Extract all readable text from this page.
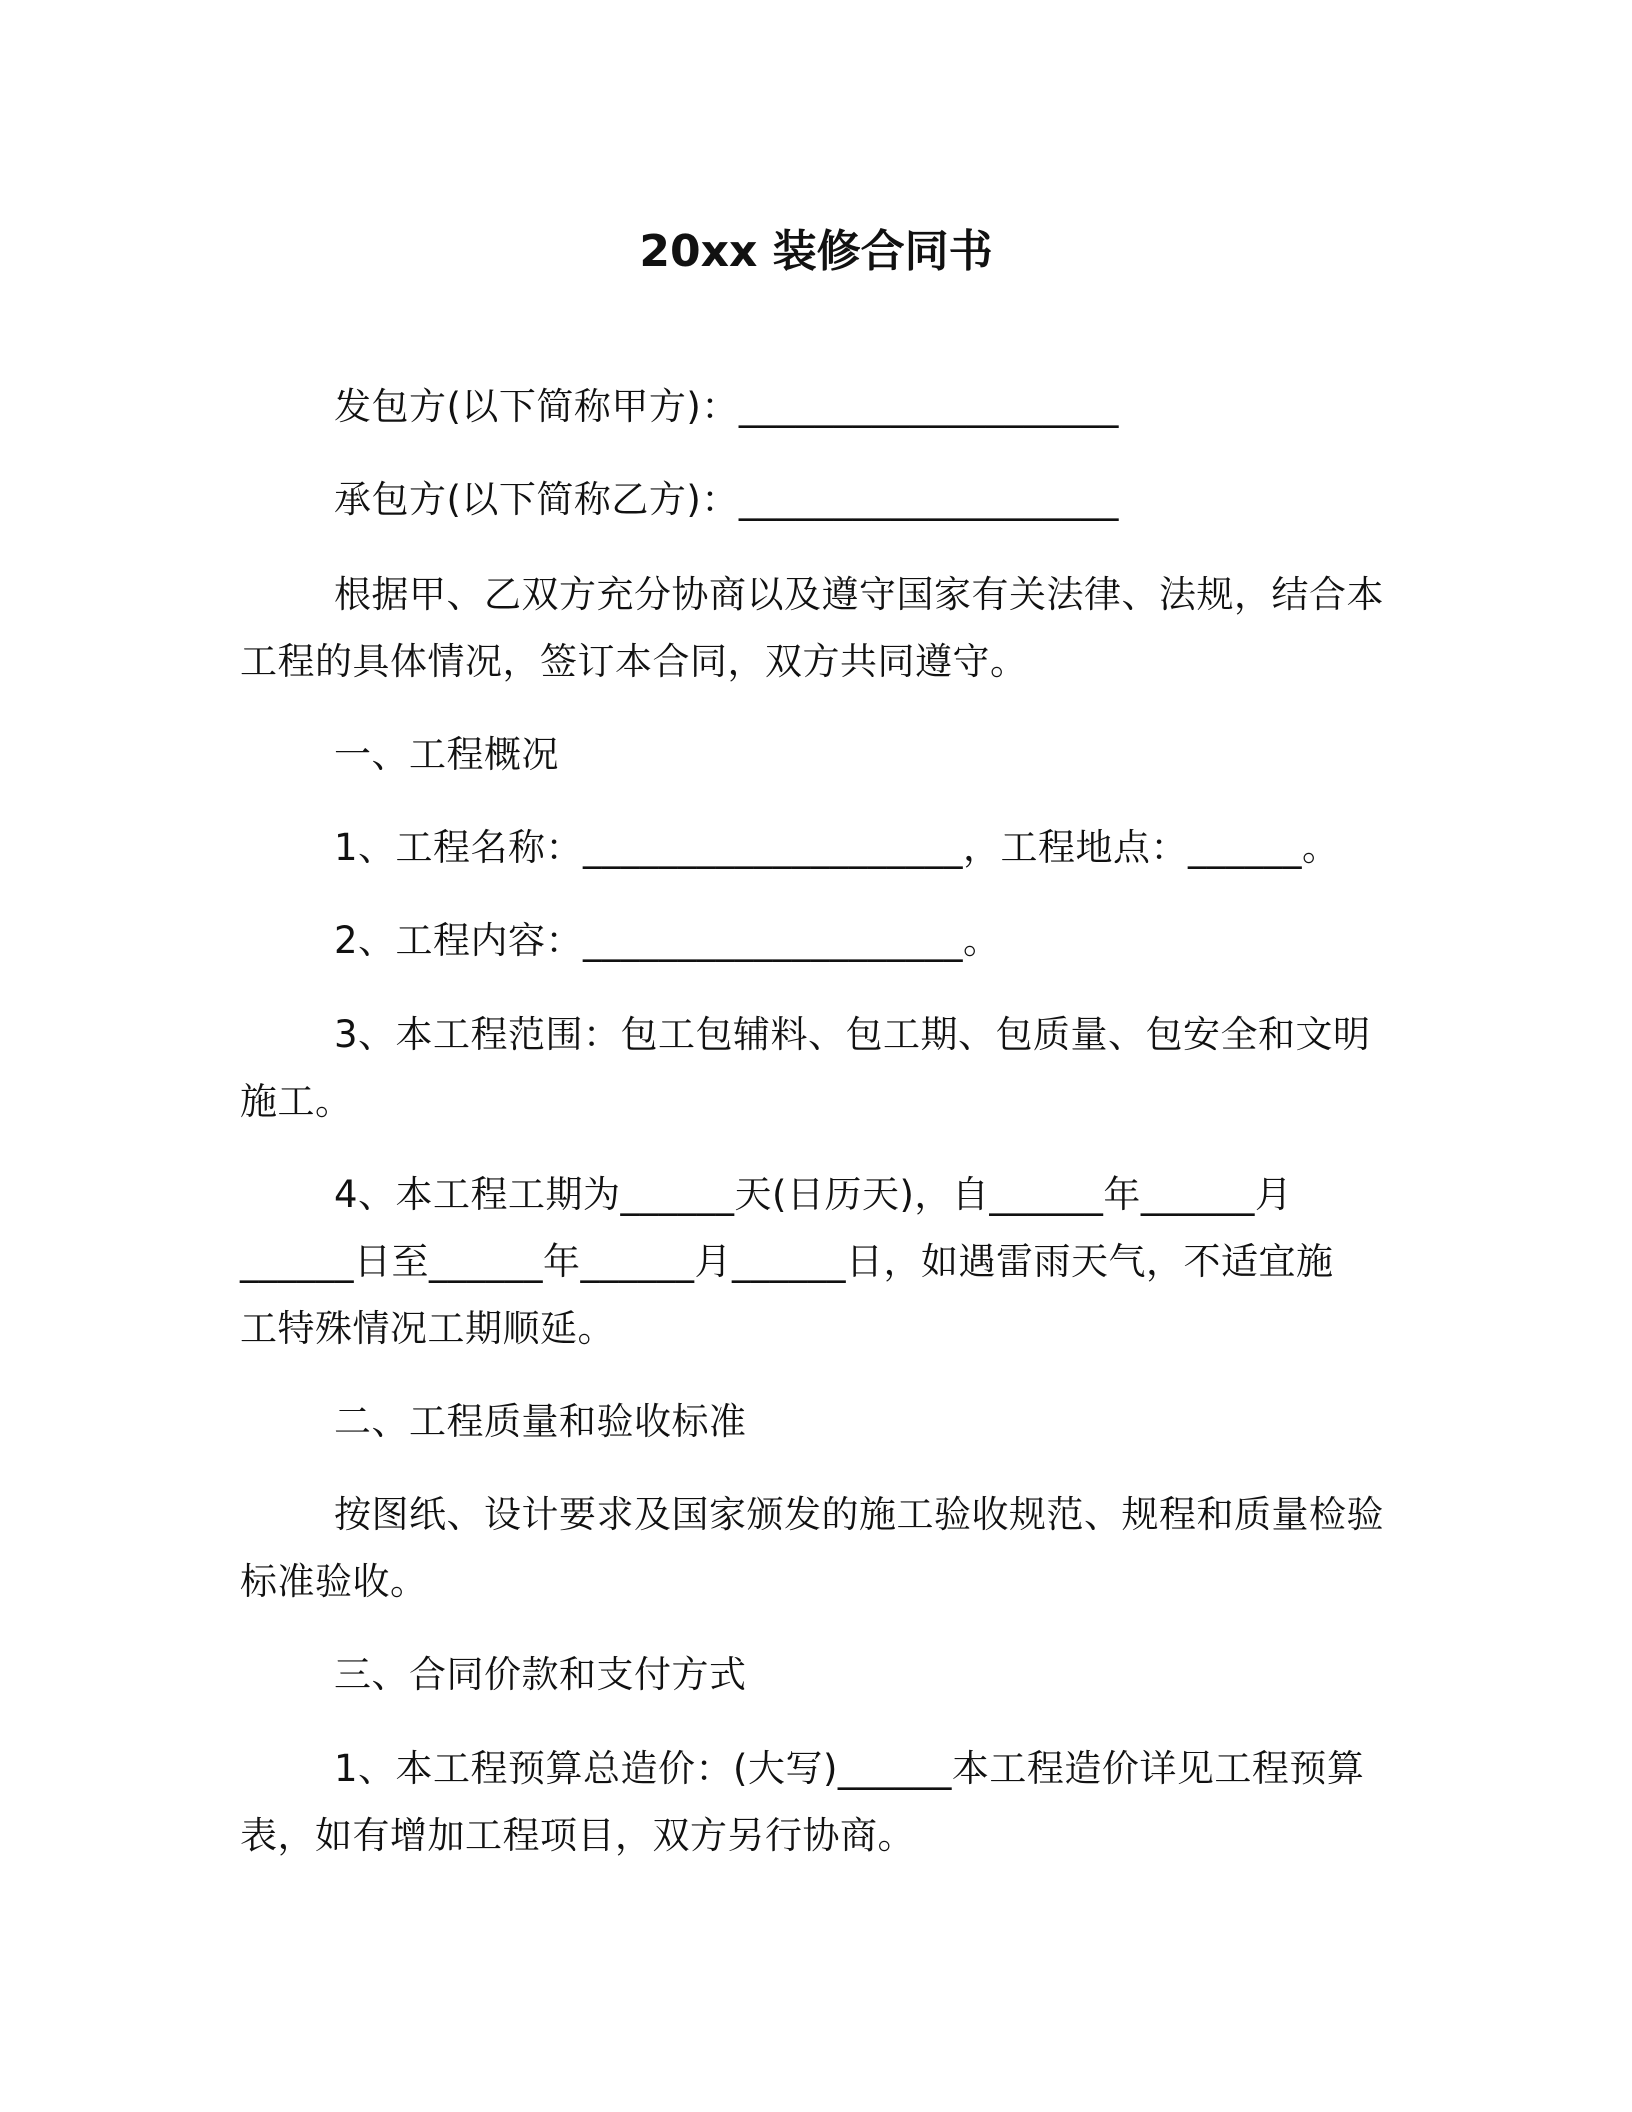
20xx 装修合同书
发包方(以下简称甲方)：____________________
承包方(以下简称乙方)：____________________
根据甲、乙双方充分协商以及遵守国家有关法律、法规，结合本
工程的具体情况，签订本合同，双方共同遵守。
一、工程概况
1、工程名称：____________________，工程地点：______。
2、工程内容：____________________。
3、本工程范围：包工包辅料、包工期、包质量、包安全和文明
施工。
4、本工程工期为______天(日历天)，自______年______月
______日至______年______月______日，如遇雷雨天气，不适宜施
工特殊情况工期顺延。
二、工程质量和验收标准
按图纸、设计要求及国家颁发的施工验收规范、规程和质量检验
标准验收。
三、合同价款和支付方式
1、本工程预算总造价：(大写)______本工程造价详见工程预算
表，如有增加工程项目，双方另行协商。
